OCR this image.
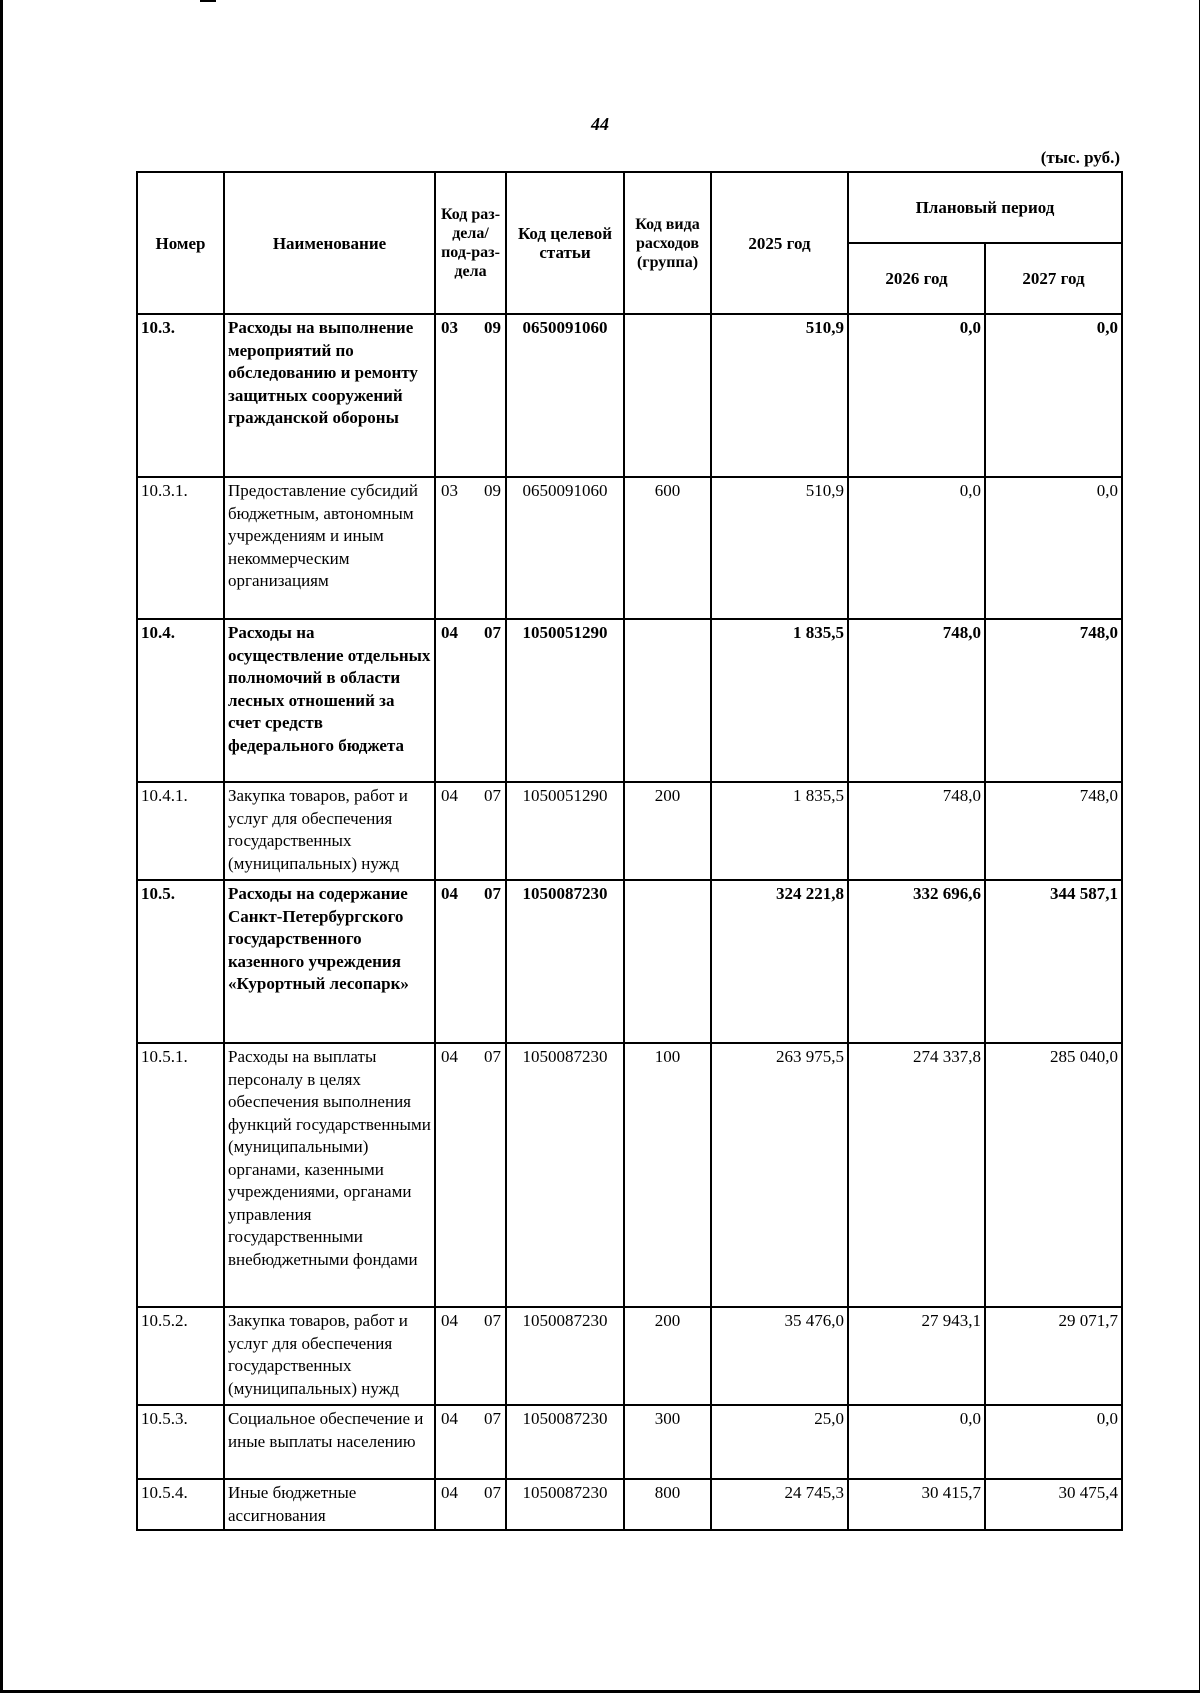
44
(тыс. руб.)
Номер	Наименование	Код раз-дела/ под-раз-дела	Код целевой статьи	Код вида расходов (группа)	2025 год	Плановый период	
						2026 год	2027 год
10.3.	Расходы на выполнение мероприятий по обследованию и ремонту защитных сооружений гражданской обороны	03 09	0650091060		510,9	0,0	0,0
10.3.1.	Предоставление субсидий бюджетным, автономным учреждениям и иным некоммерческим организациям	03 09	0650091060	600	510,9	0,0	0,0
10.4.	Расходы на осуществление отдельных полномочий в области лесных отношений за счет средств федерального бюджета	04 07	1050051290		1 835,5	748,0	748,0
10.4.1.	Закупка товаров, работ и услуг для обеспечения государственных (муниципальных) нужд	04 07	1050051290	200	1 835,5	748,0	748,0
10.5.	Расходы на содержание Санкт-Петербургского государственного казенного учреждения «Курортный лесопарк»	04 07	1050087230		324 221,8	332 696,6	344 587,1
10.5.1.	Расходы на выплаты персоналу в целях обеспечения выполнения функций государственными (муниципальными) органами, казенными учреждениями, органами управления государственными внебюджетными фондами	04 07	1050087230	100	263 975,5	274 337,8	285 040,0
10.5.2.	Закупка товаров, работ и услуг для обеспечения государственных (муниципальных) нужд	04 07	1050087230	200	35 476,0	27 943,1	29 071,7
10.5.3.	Социальное обеспечение и иные выплаты населению	04 07	1050087230	300	25,0	0,0	0,0
10.5.4.	Иные бюджетные ассигнования	04 07	1050087230	800	24 745,3	30 415,7	30 475,4
